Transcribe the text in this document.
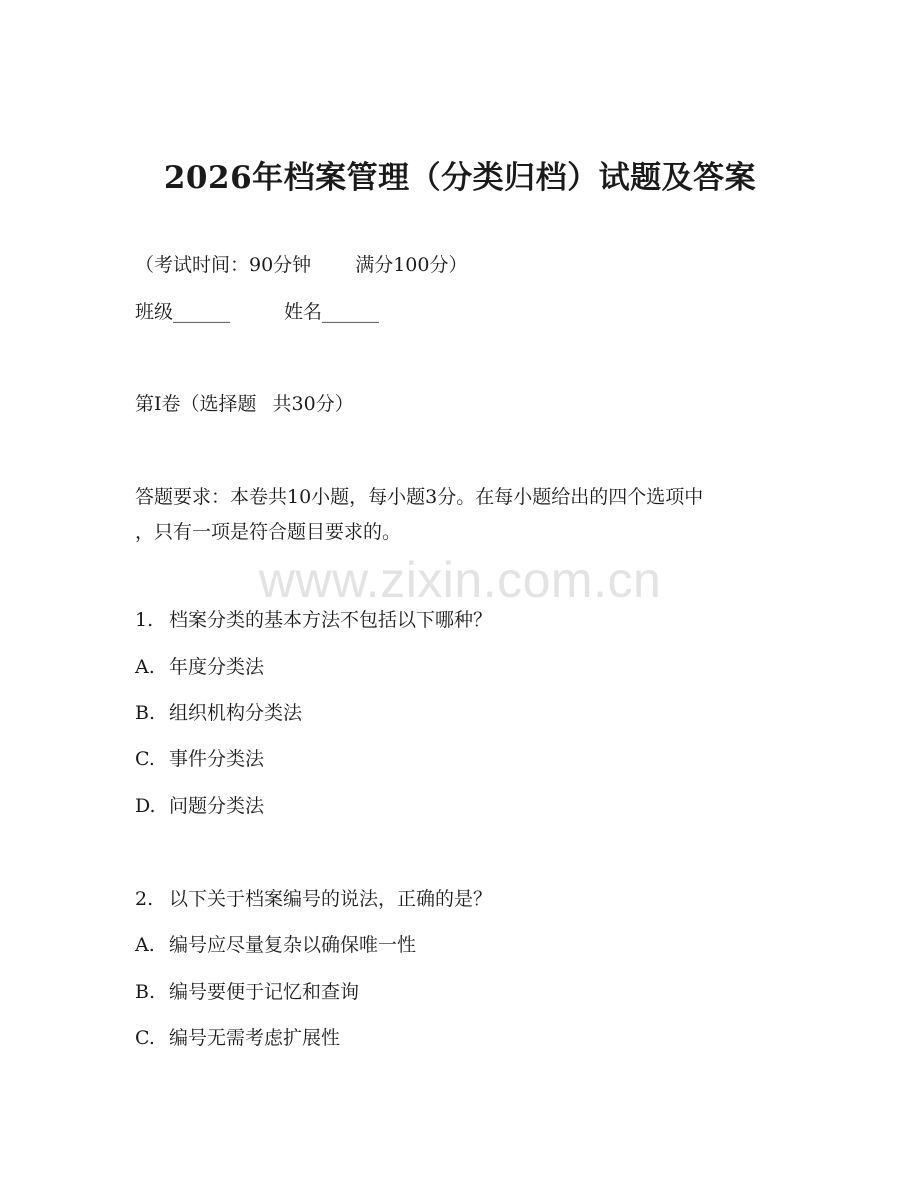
2026年档案管理（分类归档）试题及答案
（考试时间：90分钟 满分100分）
班级______	姓名______
第Ⅰ卷（选择题 共30分）
答题要求：本卷共10小题，每小题3分。在每小题给出的四个选项中
，只有一项是符合题目要求的。
1. 档案分类的基本方法不包括以下哪种？
A. 年度分类法
B. 组织机构分类法
C. 事件分类法
D. 问题分类法
2. 以下关于档案编号的说法，正确的是？
A. 编号应尽量复杂以确保唯一性
B. 编号要便于记忆和查询
C. 编号无需考虑扩展性
www.zixin.com.cn
